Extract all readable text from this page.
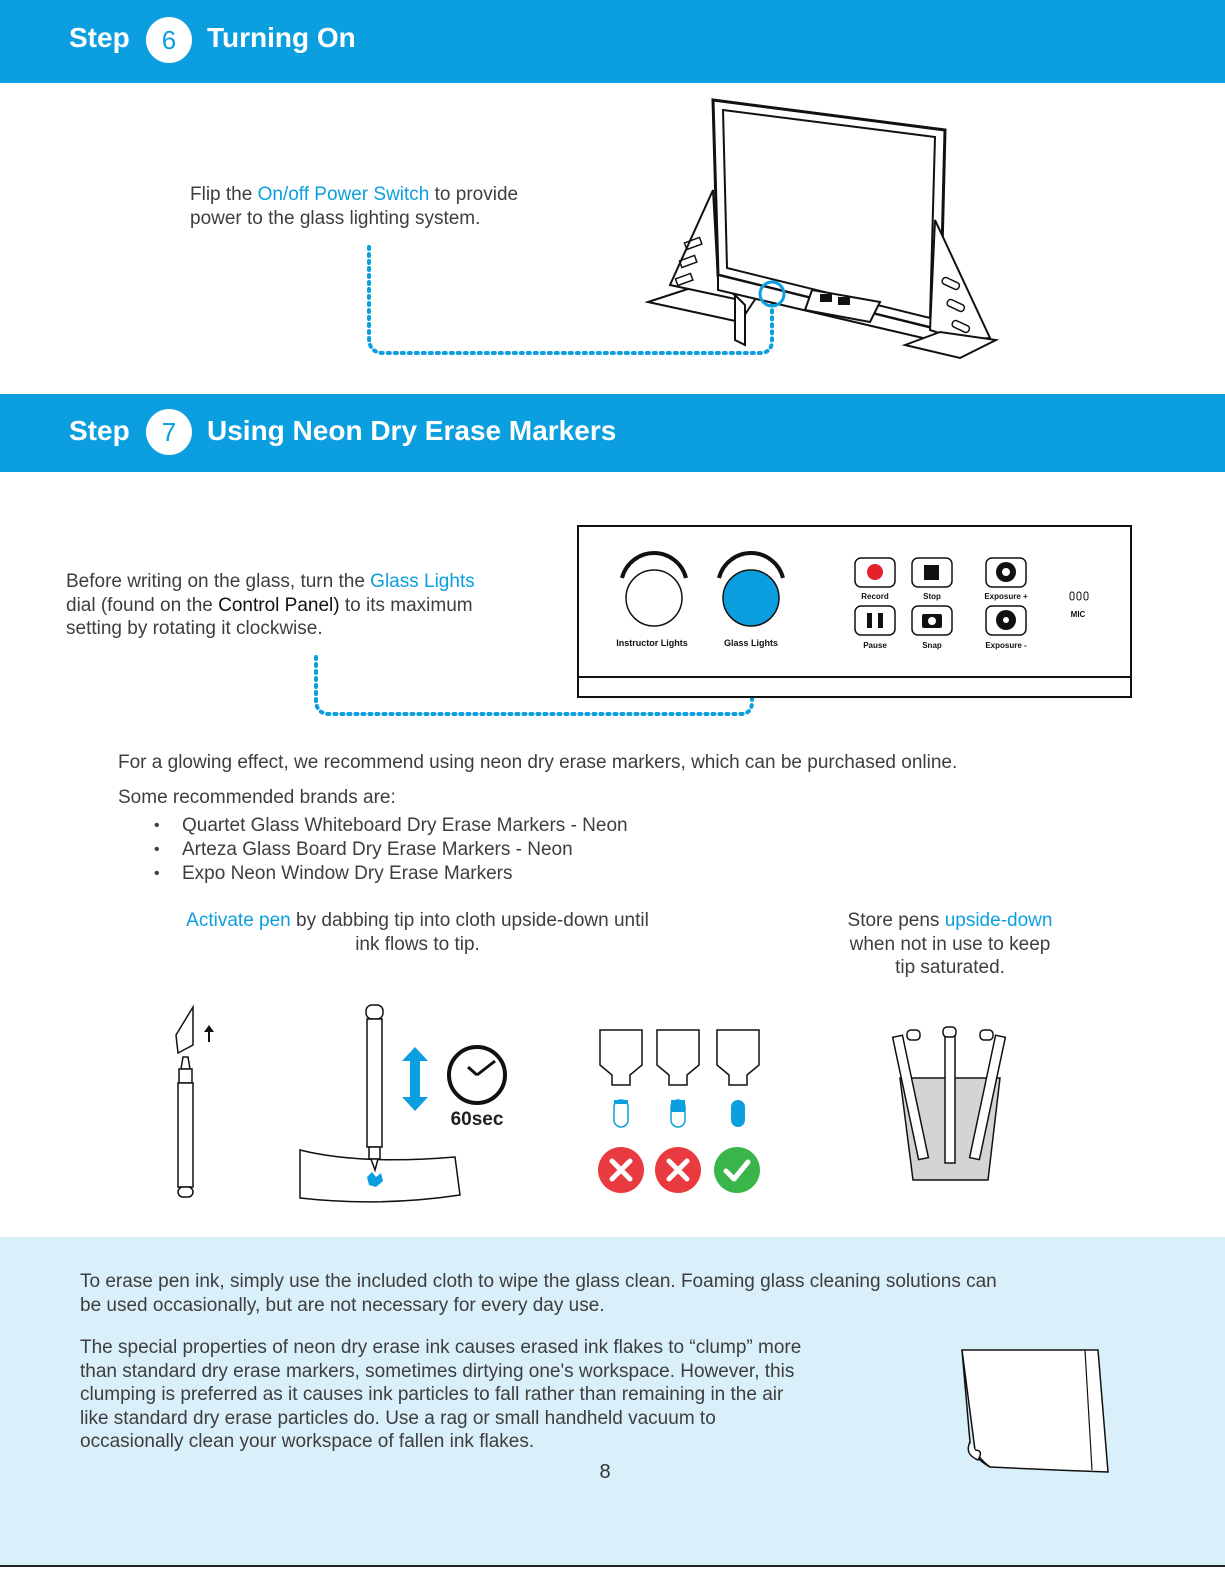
Step	6	Turning On
Flip the On/off Power Switch to provide
power to the glass lighting system.
Step	7	Using Neon Dry Erase Markers
Before writing on the glass, turn the Glass Lights
dial (found on the Control Panel) to its maximum
setting by rotating it clockwise.
Instructor Lights	Glass Lights
Record	Stop	Exposure +
Pause	Snap	Exposure -
MIC
For a glowing effect, we recommend using neon dry erase markers, which can be purchased online.
Some recommended brands are:
• Quartet Glass Whiteboard Dry Erase Markers - Neon
• Arteza Glass Board Dry Erase Markers - Neon
• Expo Neon Window Dry Erase Markers
Activate pen by dabbing tip into cloth upside-down until
ink flows to tip.
Store pens upside-down
when not in use to keep
tip saturated.
60sec
To erase pen ink, simply use the included cloth to wipe the glass clean. Foaming glass cleaning solutions can
be used occasionally, but are not necessary for every day use.
The special properties of neon dry erase ink causes erased ink flakes to “clump” more
than standard dry erase markers, sometimes dirtying one's workspace. However, this
clumping is preferred as it causes ink particles to fall rather than remaining in the air
like standard dry erase particles do. Use a rag or small handheld vacuum to
occasionally clean your workspace of fallen ink flakes.
8
